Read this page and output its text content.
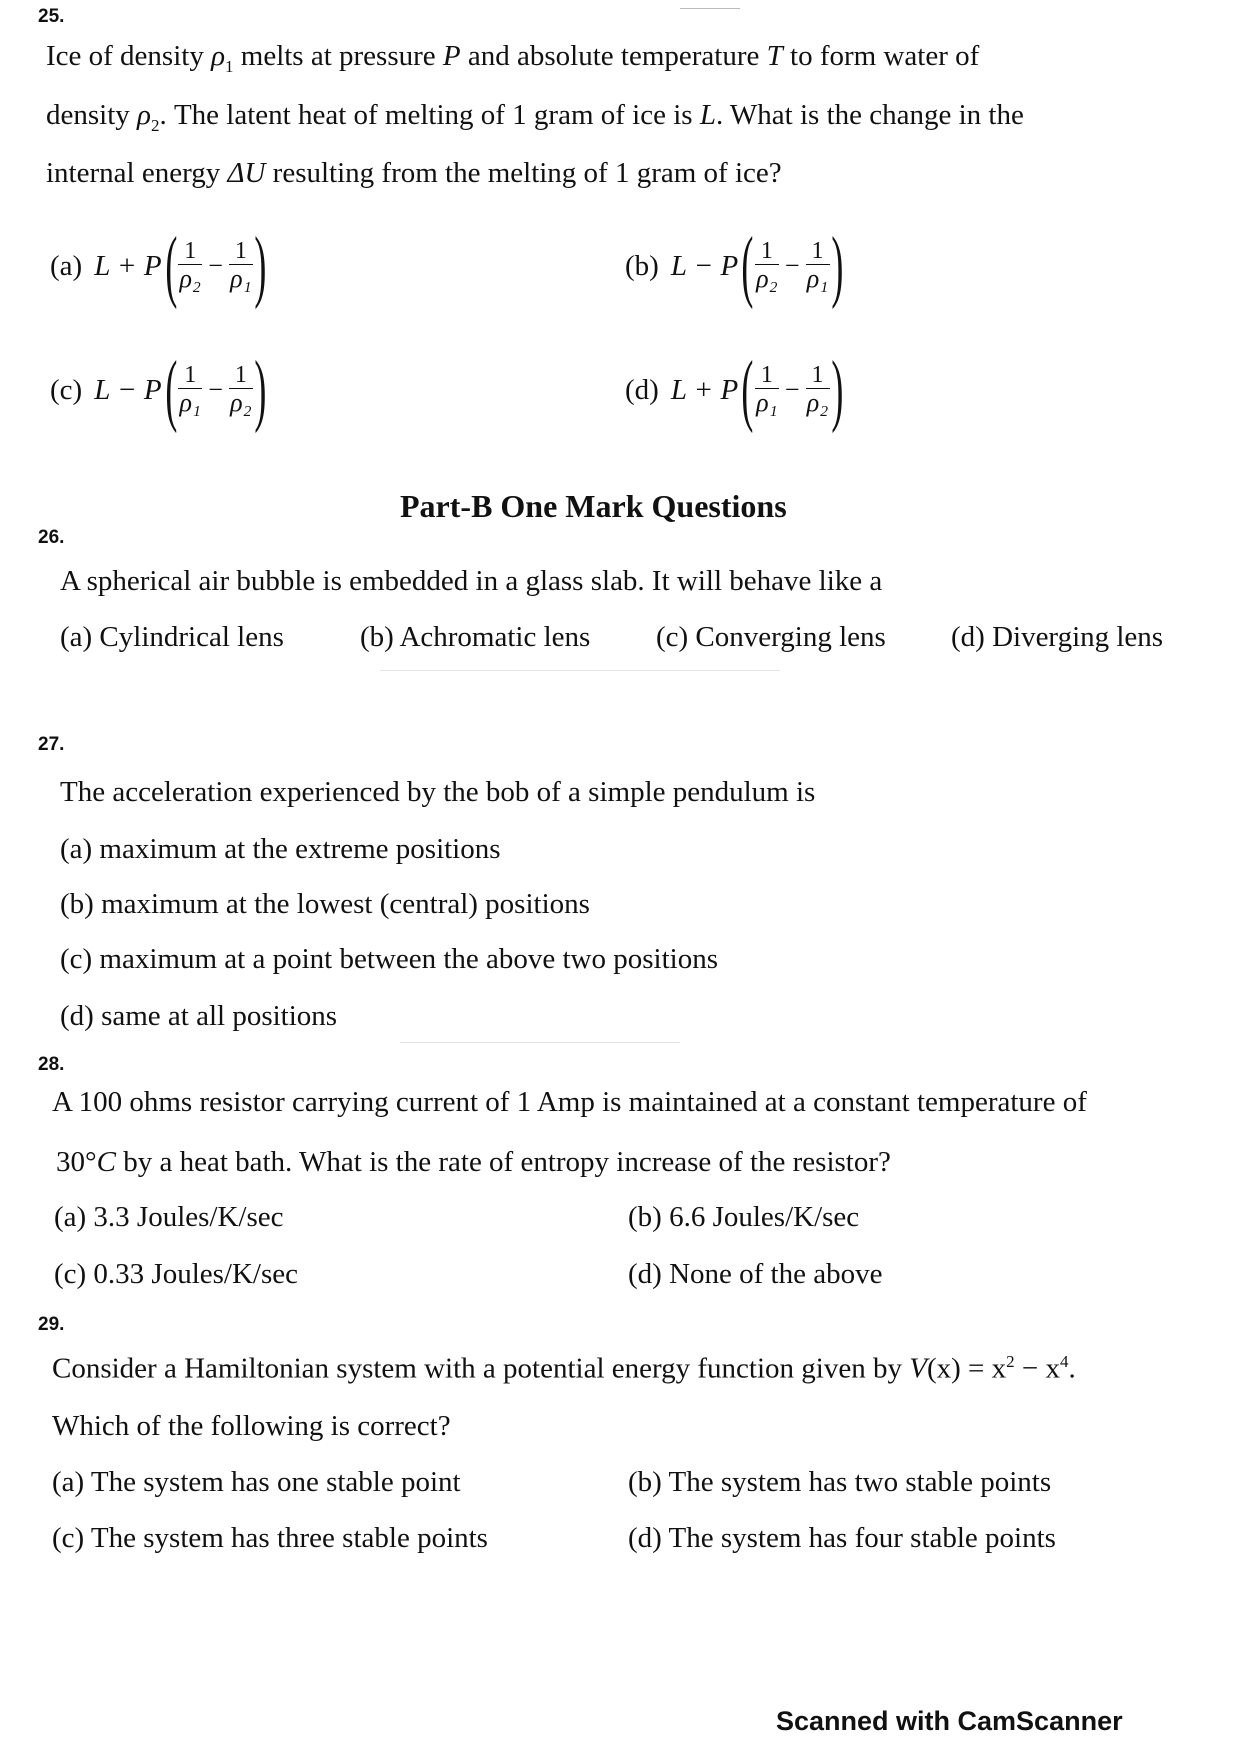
25.
Ice of density $\rho_1$ melts at pressure P and absolute temperature T to form water of
density $\rho_2$. The latent heat of melting of 1 gram of ice is L. What is the change in the
internal energy ΔU resulting from the melting of 1 gram of ice?
(a) L + P ( $\frac{1}{\text{ρ₂}} - \frac{1}{\text{ρ₁}}$ )	(b) L − P ( $\frac{1}{\text{ρ₂}} - \frac{1}{\text{ρ₁}}$ )
(c) L − P ( $\frac{1}{\text{ρ₁}} - \frac{1}{\text{ρ₂}}$ )	(d) L + P ( $\frac{1}{\text{ρ₁}} - \frac{1}{\text{ρ₂}}$ )
Part-B One Mark Questions
26.
A spherical air bubble is embedded in a glass slab. It will behave like a
(a) Cylindrical lens	(b) Achromatic lens (c) Converging lens (d) Diverging lens
27.
The acceleration experienced by the bob of a simple pendulum is
(a) maximum at the extreme positions
(b) maximum at the lowest (central) positions
(c) maximum at a point between the above two positions
(d) same at all positions
28.
A 100 ohms resistor carrying current of 1 Amp is maintained at a constant temperature of
30°C by a heat bath. What is the rate of entropy increase of the resistor?
(a) 3.3 Joules/K/sec	(b) 6.6 Joules/K/sec
(c) 0.33 Joules/K/sec	(d) None of the above
29.
Consider a Hamiltonian system with a potential energy function given by $V(x) = x^2 - x^4$.
Which of the following is correct?
(a) The system has one stable point	(b) The system has two stable points
(c) The system has three stable points	(d) The system has four stable points
Scanned with CamScanner
